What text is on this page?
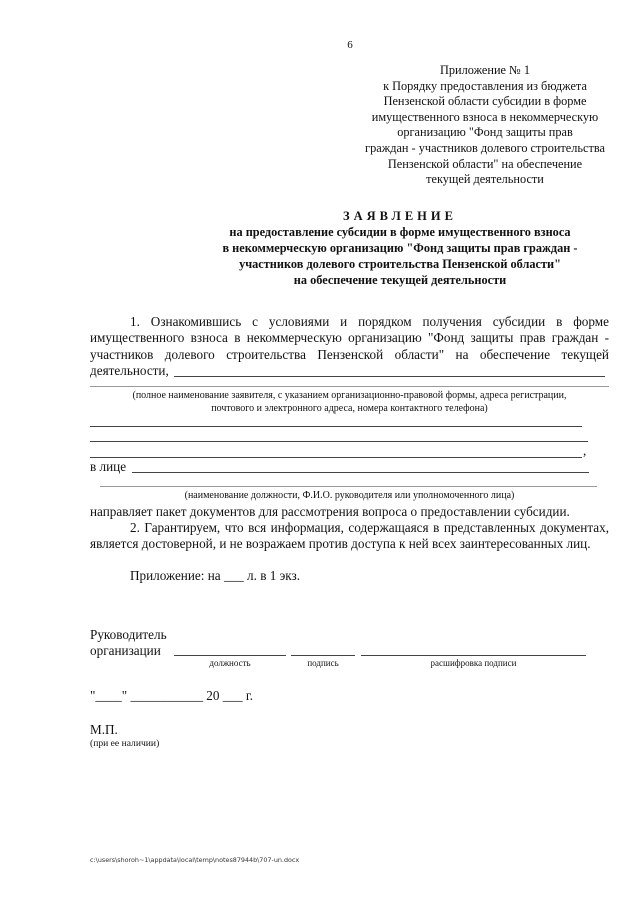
6
Приложение № 1
к Порядку предоставления из бюджета
Пензенской области субсидии в форме
имущественного взноса в некоммерческую
организацию "Фонд защиты прав
граждан - участников долевого строительства
Пензенской области" на обеспечение
текущей деятельности
ЗАЯВЛЕНИЕ
на предоставление субсидии в форме имущественного взноса
в некоммерческую организацию "Фонд защиты прав граждан -
участников долевого строительства Пензенской области"
на обеспечение текущей деятельности
1. Ознакомившись с условиями и порядком получения субсидии в форме имущественного взноса в некоммерческую организацию "Фонд защиты прав граждан - участников долевого строительства Пензенской области" на обеспечение текущей деятельности,
(полное наименование заявителя, с указанием организационно-правовой формы, адреса регистрации,
почтового и электронного адреса, номера контактного телефона)
,
в лице
(наименование должности, Ф.И.О. руководителя или уполномоченного лица)
направляет пакет документов для рассмотрения вопроса о предоставлении субсидии.
2. Гарантируем, что вся информация, содержащаяся в представленных документах, является достоверной, и не возражаем против доступа к ней всех заинтересованных лиц.
Приложение: на ___ л. в 1 экз.
Руководитель
организации
должность	подпись	расшифровка подписи
"____" ___________ 20 ___ г.
М.П.
(при ее наличии)
c:\users\shoroh~1\appdata\local\temp\notes87944b\707-un.docx
